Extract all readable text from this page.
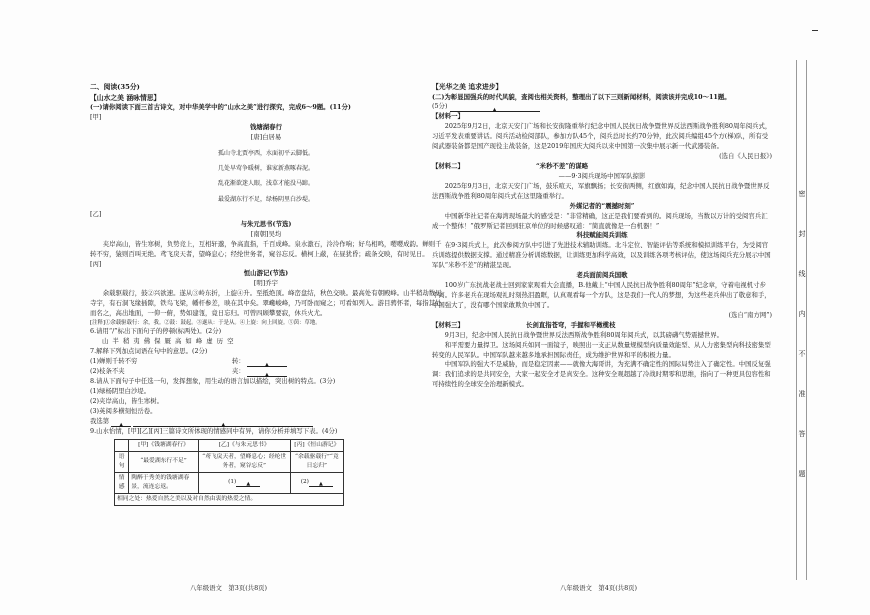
二、阅读(35分)

【山水之美 涵咏情思】

(一)请你阅读下面三首古诗文，对中华美学中的“山水之美”进行探究，完成6～9题。(11分)

[甲]

钱塘湖春行

[唐]白居易

孤山寺北贾亭西，水面初平云脚低。

几处早莺争暖树，谁家新燕啄春泥。

乱花渐欲迷人眼，浅草才能没马蹄。

最爱湖东行不足，绿杨阴里白沙堤。

[乙]

与朱元思书(节选)

[南朝]吴均

夹岸高山，皆生寒树，负势竞上，互相轩邈，争高直指，千百成峰。泉水激石，泠泠作响；好鸟相鸣，嘤嘤成韵。蝉则千转不穷，猿则百叫无绝。鸢飞戾天者，望峰息心；经纶世务者，窥谷忘反。横柯上蔽，在昼犹昏；疏条交映，有时见日。

[丙]

恒山游记(节选)

[明]乔宇

余载驱载行，鼓②兴欲速。遂从③岭东折，上旋④升。至抵绝顶。峰峦盘结，秋色交映。最高处有朝殿峰。山半稍劫数见寺宇，有石洞飞缘插隙，铁鸟飞梁，幡杆参差，映在其中矣。翠巉峻峰，乃可卧而窥之；可看如列入。游目骋怀者，每指其处而名之，高出地面，一仰一俯，势如建瓴，竟日忘归。可曾四顾攀要寂，休兵火尤。

[注释]①余载驱载行：余，我。②鼓：鼓起。③遂从：于是从。④上旋：向上回旋。⑤茵：草地。

6.请用“/”标出下面句子的停顿(标两处)。(2分)

山 半 稍 夷 佛 保 厩 高 如 峰 虚 历 空

7.解释下列加点词语在句中的意思。(2分)

(1)蝉则千转不穷	转： ▲

(2)枝条不夹	夹： ▲

8.请从下面句子中任选一句，发挥想象，用生动的语言加以描绘，突出树的特点。(3分)

(1)绿杨阴里白沙堤。

(2)夹岸高山，皆生寒树。

(3)英阅多横刻恒岳卷。

我选第 ▲ ▲

9.山水怡情，[甲][乙][丙]三篇诗文所体现的情感同中有异，请你分析并填写下表。(4分)

	[甲]《钱塘湖春行》	[乙]《与朱元思书》	[丙]《恒山游记》
语句	“最爱湖东行不足”	“鸢飞戾天者，望峰息心；经纶世务者，窥谷忘反”	“余载驱载行”“竟日忘归”
情感	陶醉于秀美的钱塘湖春景，流连忘返。	(1)▲	(2)▲
相同之处：热爱自然之美以及对自然由衷的热爱之情。			
八年级语文　第3页(共8页)

【光华之美 追求进步】

(二)为彰显国强兵的时代风貌，查阅也相关资料，整理出了以下三则新闻材料，阅读该并完成10～11题。

(5分) ▲

【材料一】

2025年9月2日，北京天安门广场和长安街隆重举行纪念中国人民抗日战争暨世界反法西斯战争胜利80周年阅兵式，习近平发表重要讲话。阅兵活动检阅部队，参加方队45个，阅兵总时长约70分钟，此次阅兵编组45个方(梯)队，所有受阅武器装备都是国产现役主战装备，这是2019年国庆大阅兵以来中国第一次集中展示新一代武器装备。

(选自《人民日报》)

【材料二】	“米秒不差”的谋略

——9·3阅兵现场中国军队掠影

2025年9月3日，北京天安门广场，鼓乐喧天，军旗飘扬；长安街两侧，红旗如海，纪念中国人民抗日战争暨世界反法西斯战争胜利80周年阅兵式在这里隆重举行。

外媒记者的“震撼时刻”

中国新华社记者在海湾现场最大的感受是：“非常精确，这正是我们要看到的。阅兵现场，当数以万计的受阅官兵汇成一个整体！”俄罗斯记者回到驻京单位的时候感叹道：“简直就像是一台机器！”

科技赋能阅兵训练

在9·3阅兵式上，此次参阅方队中引进了先进技术辅助训练。北斗定位、智能评估等系统和模拟训练平台，为受阅官兵训练提供数据支撑。通过精准分析训练数据，让训练更加科学高效，以及训练各项考核评估，使这场阅兵充分展示中国军队“米秒不差”的精湛呈现。

老兵面前阅兵国歌

100岁广东抗战老战士回到家家观看大会直播，B.他戴上“中国人民抗日战争胜利80周年”纪念章，守着电视机寸步不离。许多老兵在现场观礼时刻热泪盈眶，认真观看每一个方队，这是我们一代人的梦想，为这些老兵伸出了敬意和手，中国强大了，没有哪个国家敢欺负中国了。

(选自“南方网”)

【材料三】	长剑直指苍穹，手握和平橄榄枝

9月3日，纪念中国人民抗日战争暨世界反法西斯战争胜利80周年阅兵式，以其磅礴气势震撼世界。

和平需要力量捍卫。这场阅兵如同一面镜子，映照出一支正从数量规模型向质量效能型、从人力密集型向科技密集型转变的人民军队。中国军队越来越多地承担国际责任，成为维护世界和平的积极力量。

中国军队的强大不是威胁，而是稳定因素——就像大海哥讲，为充满不确定性的国际局势注入了确定性。中国反复强调：我们追求的是共同安全，大家一起安全才是真安全。这种安全观超越了冷战时期零和思维，指向了一种更具包容性和可持续性的全球安全治理新模式。

八年级语文　第4页(共8页)
密
封
线
内
不
准
答
题
